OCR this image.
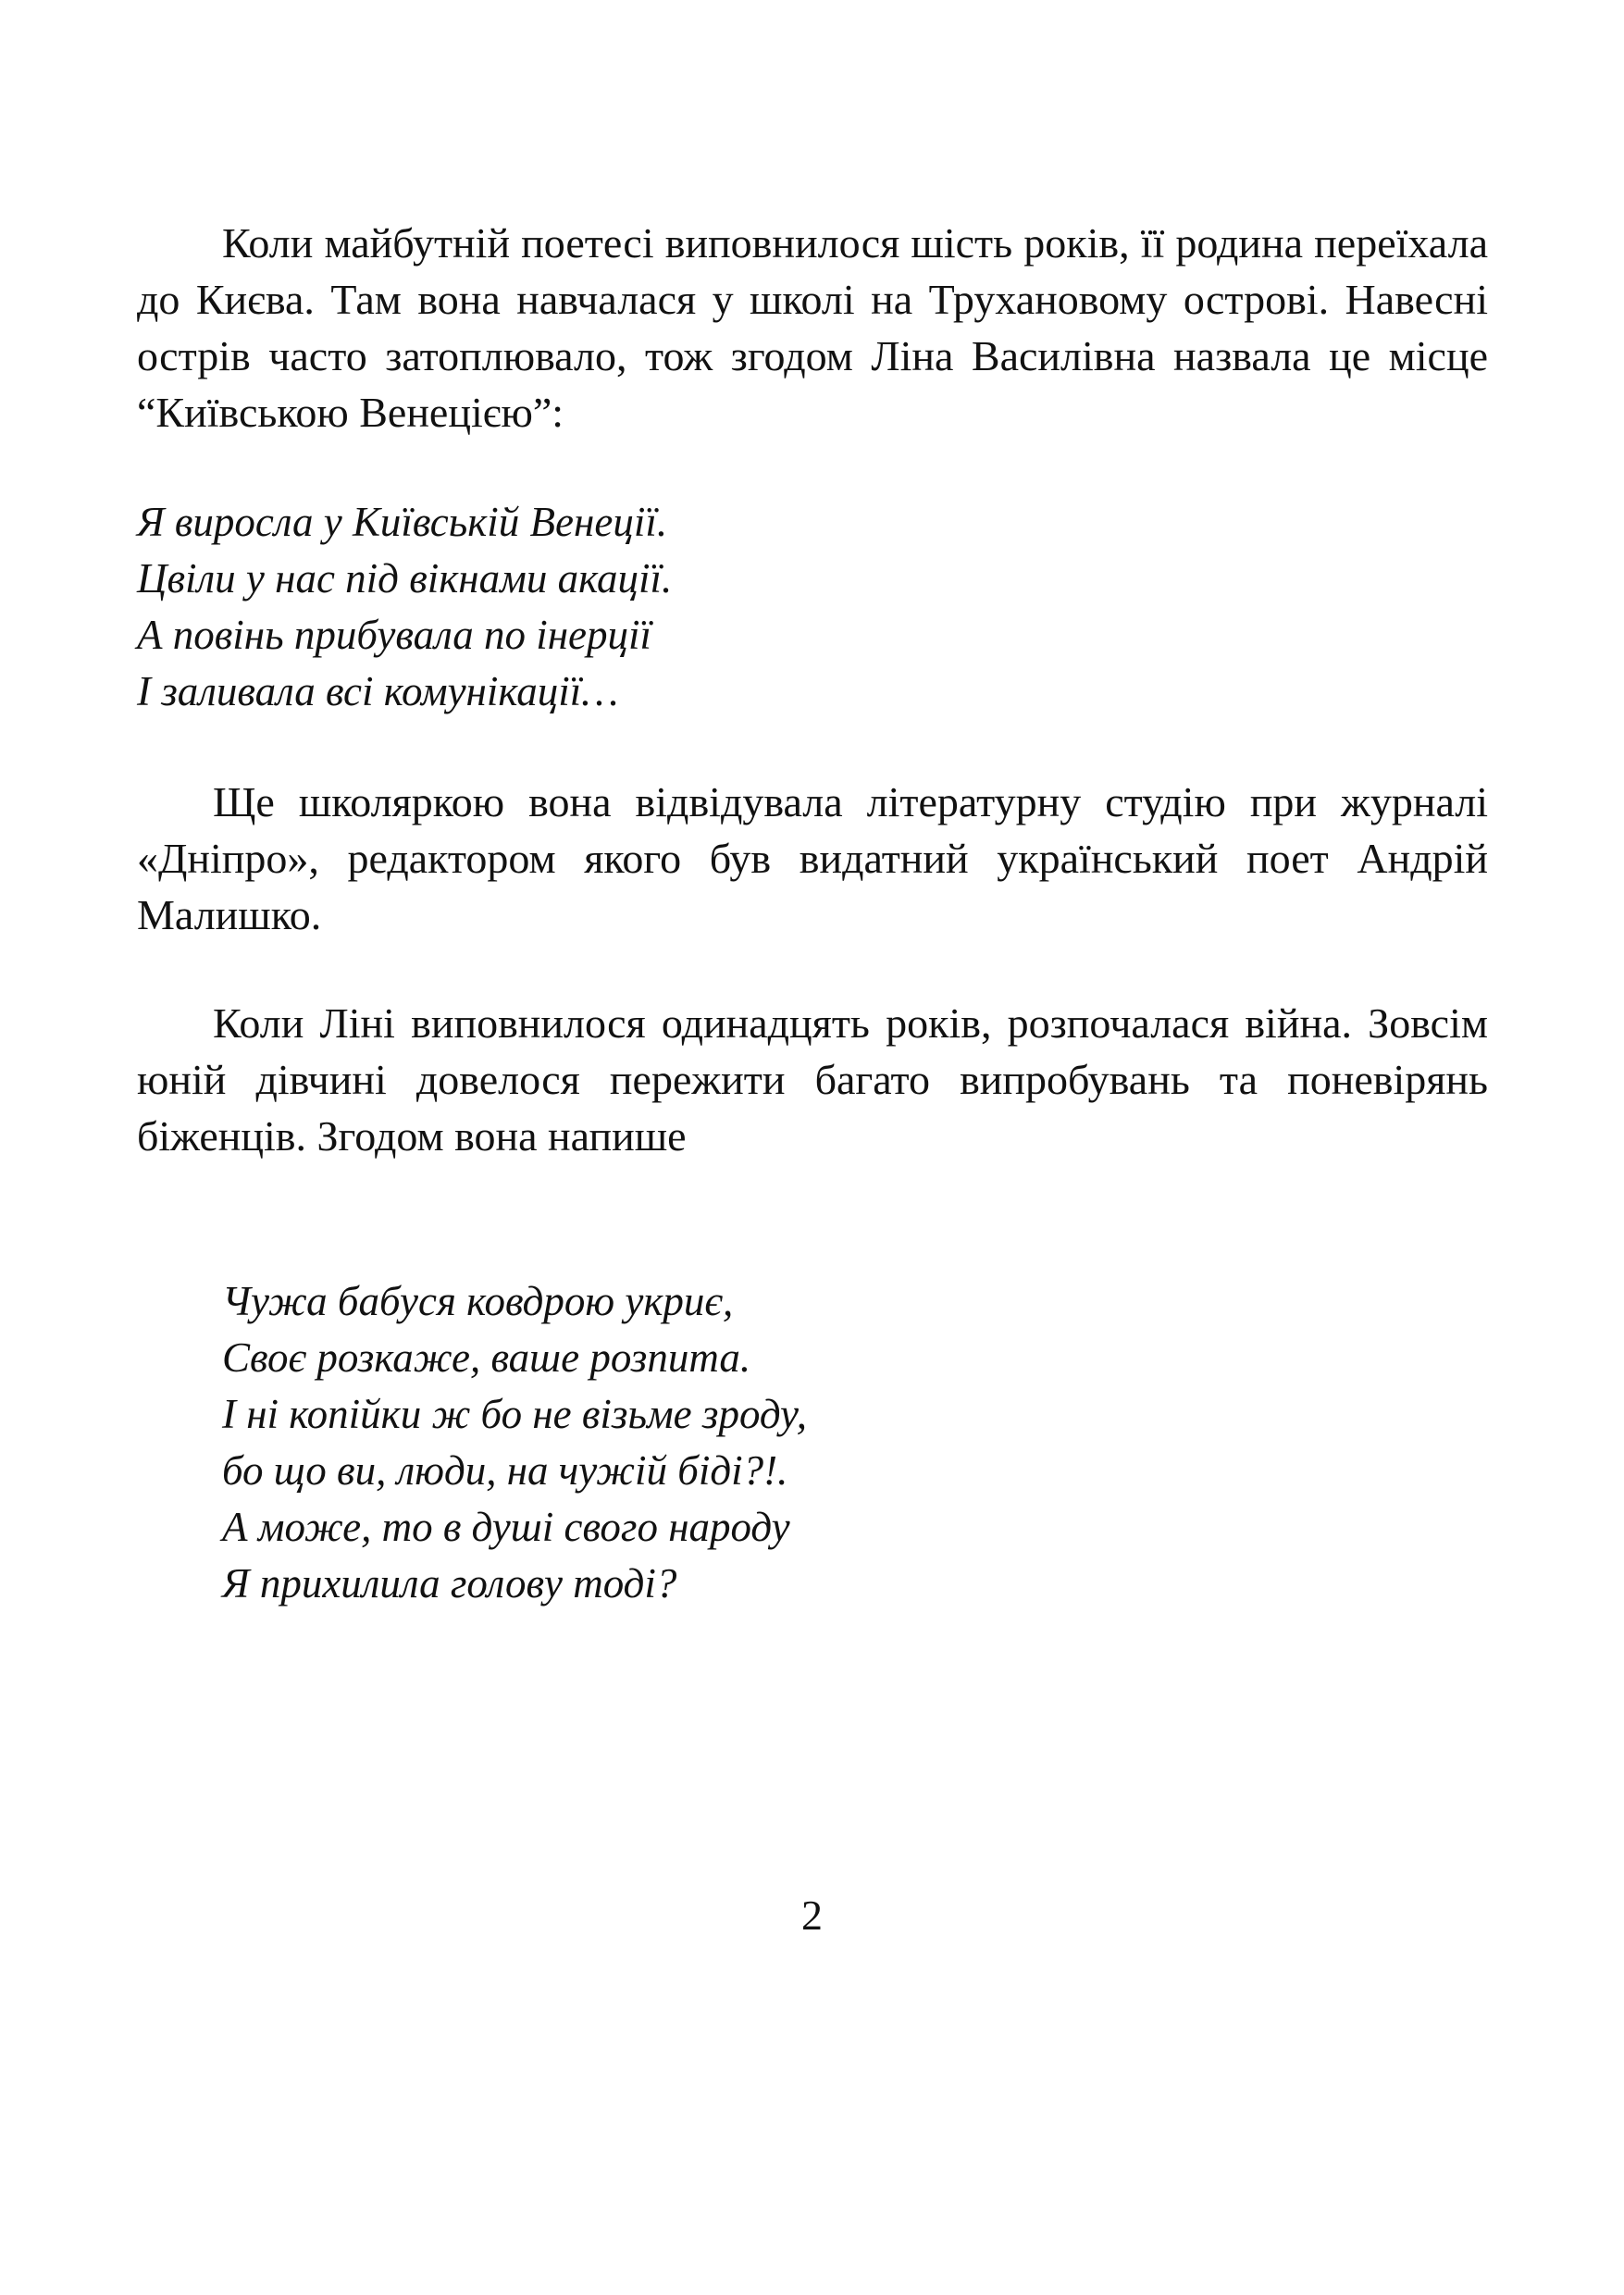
Коли майбутній поетесі виповнилося шість років, її родина переїхала до Києва. Там вона навчалася у школі на Трухановому острові. Навесні острів часто затоплювало, тож згодом Ліна Василівна назвала це місце “Київською Венецією”:

Я виросла у Київській Венеції.
Цвіли у нас під вікнами акації.
А повінь прибувала по інерції
І заливала всі комунікації…

Ще школяркою вона відвідувала літературну студію при журналі «Дніпро», редактором якого був видатний український поет Андрій Малишко.

Коли Ліні виповнилося одинадцять років, розпочалася війна. Зовсім юній дівчині довелося пережити багато випробувань та поневірянь біженців. Згодом вона напише

Чужа бабуся ковдрою укриє,
Своє розкаже, ваше розпита.
І ні копійки ж бо не візьме зроду,
бо що ви, люди, на чужій біді?!.
А може, то в душі свого народу
Я прихилила голову тоді?

2
